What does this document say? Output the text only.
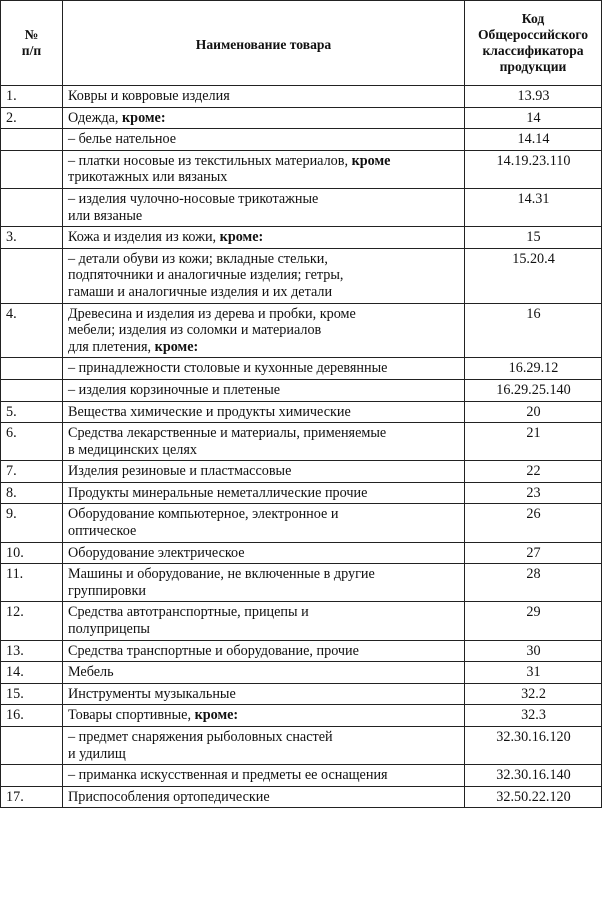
№
п/п	Наименование товара	Код
Общероссийского
классификатора
продукции
1.	Ковры и ковровые изделия	13.93
2.	Одежда, кроме:	14
	– белье нательное	14.14
	– платки носовые из текстильных материалов, кроме
трикотажных или вязаных	14.19.23.110
	– изделия чулочно-носовые трикотажные
или вязаные	14.31
3.	Кожа и изделия из кожи, кроме:	15
	– детали обуви из кожи; вкладные стельки,
подпяточники и аналогичные изделия; гетры,
гамаши и аналогичные изделия и их детали	15.20.4
4.	Древесина и изделия из дерева и пробки, кроме
мебели; изделия из соломки и материалов
для плетения, кроме:	16
	– принадлежности столовые и кухонные деревянные	16.29.12
	– изделия корзиночные и плетеные	16.29.25.140
5.	Вещества химические и продукты химические	20
6.	Средства лекарственные и материалы, применяемые
в медицинских целях	21
7.	Изделия резиновые и пластмассовые	22
8.	Продукты минеральные неметаллические прочие	23
9.	Оборудование компьютерное, электронное и
оптическое	26
10.	Оборудование электрическое	27
11.	Машины и оборудование, не включенные в другие
группировки	28
12.	Средства автотранспортные, прицепы и
полуприцепы	29
13.	Средства транспортные и оборудование, прочие	30
14.	Мебель	31
15.	Инструменты музыкальные	32.2
16.	Товары спортивные, кроме:	32.3
	– предмет снаряжения рыболовных снастей
и удилищ	32.30.16.120
	– приманка искусственная и предметы ее оснащения	32.30.16.140
17.	Приспособления ортопедические	32.50.22.120
